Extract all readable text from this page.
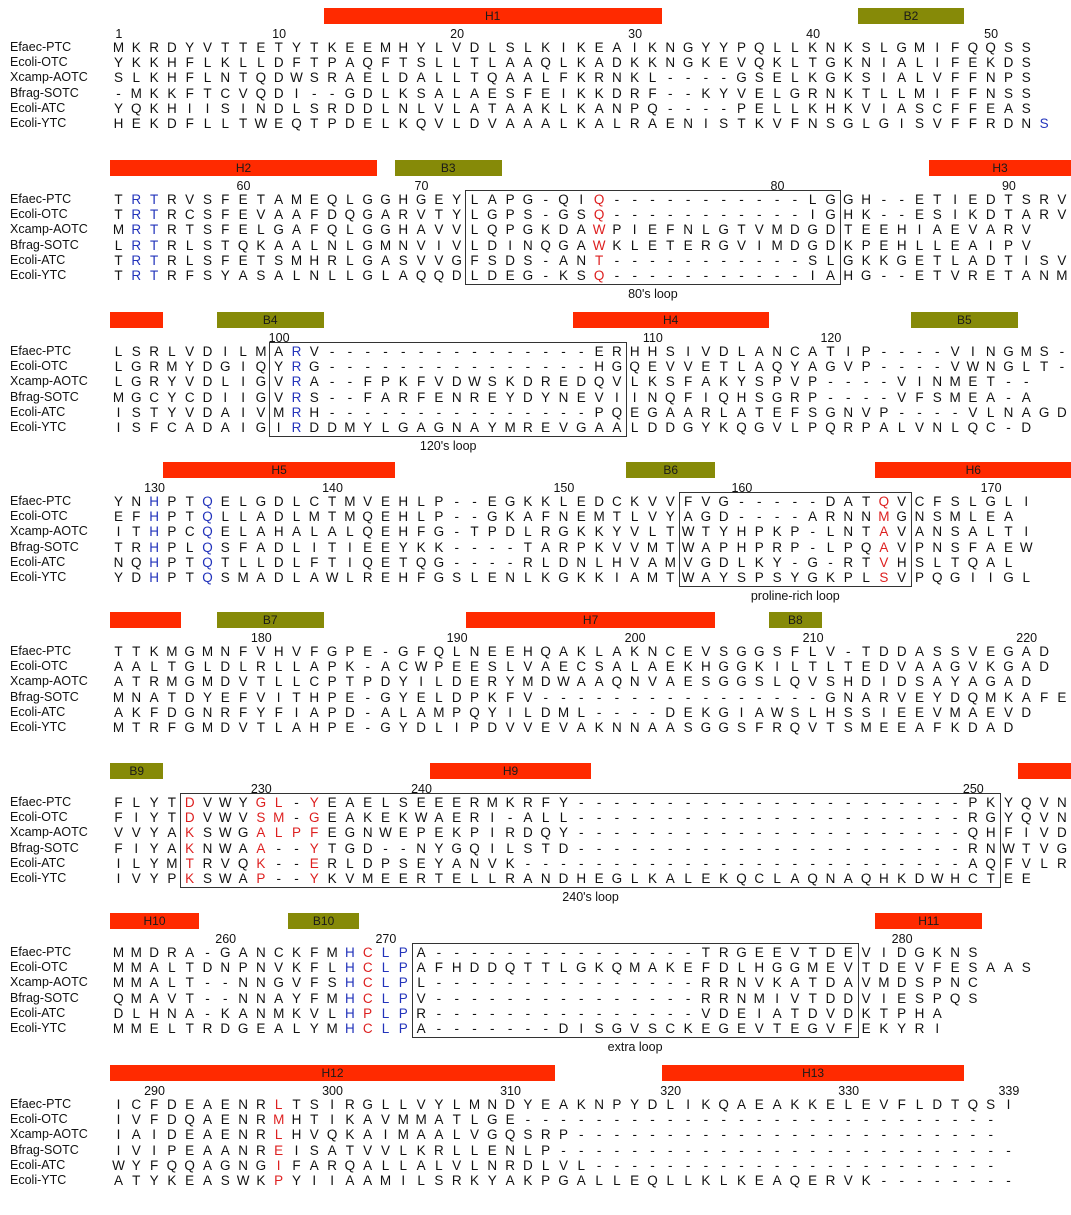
H1	B2
1	10	20	30	40	50
Efaec-PTC	M K R D Y V T T E T Y T K E E M H Y L V D L S L K I K E A I K N G Y Y P Q L L K N K S L G M I F Q Q S S
Ecoli-OTC	Y K K H F L K L L D F T P A Q F T S L L T L A A Q L K A D K K N G K E V Q K L T G K N I A L I F E K D S
Xcamp-AOTC	S L K H F L N T Q D W S R A E L D A L L T Q A A L F K R N K L - - - - G S E L K G K S I A L V F F N P S
Bfrag-SOTC	- M K K F T C V Q D I	- - G D L K S A L A E S F E I K K D R F - - K Y V E L G R N K T L L M I F F N S S
Ecoli-ATC	Y Q K H I	I S I N D L S R D D L N L V L A T A A K L K A N P Q - - - - P E L L K H K V I A S C F F E A S
Ecoli-YTC	H E K D F L L T W E Q T P D E L K Q V L D V A A A L K A L R A E N I S T K V F N S G L G I S V F F R D N S
H2	B3	H3
60	70	80	90
80's loop
Efaec-PTC	T R T R V S F E T A M E Q L G G H G E Y L A P G - Q I Q - - - - - - - - - - - L G G H - - E T I E D T S R V
Ecoli-OTC	T R T R C S F E V A A F D Q G A R V T Y L G P S - G S Q - - - - - - - - - - -	I G H K - - E S I K D T A R V
Xcamp-AOTC	M R T R T S F E L G A F Q L G G H A V V L Q P G K D A W P I E F N L G T V M D G D T E E H I A E V A R V
Bfrag-SOTC	L R T R L S T Q K A A L N L G M N V I V L D I N Q G A W K L E T E R G V I M D G D K P E H L L E A I P V
Ecoli-ATC	T R T R L S F E T S M H R L G A S V V G F S D S - A N T - - - - - - - - - - - S L G K K G E T L A D T I S V
Ecoli-YTC	T R T R F S Y A S A L N L L G L A Q Q D L D E G - K S Q - - - - - - - - - - -	I A H G - - E T V R E T A N M
B4	H4	B5
100	110	120
120's loop
Efaec-PTC	L S R L V D I L M A R V - - - - - - - - - - - - - - - E R H H S I V D L A N C A T I P - - - - V I N G M S -
Ecoli-OTC	L G R M Y D G I Q Y R G - - - - - - - - - - - - - - - H G Q E V V E T L A Q Y A G V P - - - - V W N G L T -
Xcamp-AOTC	L G R Y V D L I G V R A - - F P K F V D W S K D R E D Q V L K S F A K Y S P V P - - - - V I N M E T - -
Bfrag-SOTC	M G C Y C D I	I G V R S - - F A R F E N R E Y D Y N E V I	I N Q F I Q H S G R P - - - - V F S M E A - A
Ecoli-ATC	I S T Y V D A I V M R H - - - - - - - - - - - - - - - P Q E G A A R L A T E F S G N V P - - - - V L N A G D
Ecoli-YTC	I S F C A D A I G I R D D M Y L G A G N A Y M R E V G A A L D D G Y K Q G V L P Q R P A L V N L Q C - D
H5	B6	H6
130	140	150	160	170
proline-rich loop
Efaec-PTC	Y N H P T Q E L G D L C T M V E H L P - - E G K K L E D C K V V F V G - - - - - D A T Q V C F S L G L I
Ecoli-OTC	E F H P T Q L L A D L M T M Q E H L P - - G K A F N E M T L V Y A G D - - - - A R N N M G N S M L E A
Xcamp-AOTC	I T H P C Q E L A H A L A L Q E H F G - T P D L R G K K Y V L T W T Y H P K P - L N T A V A N S A L T I
Bfrag-SOTC	T R H P L Q S F A D L I T I E E Y K K - - - - T A R P K V V M T W A P H P R P - L P Q A V P N S F A E W
Ecoli-ATC	N Q H P T Q T L L D L F T I Q E T Q G - - - - R L D N L H V A M V G D L K Y - G - R T V H S L T Q A L
Ecoli-YTC	Y D H P T Q S M A D L A W L R E H F G S L E N L K G K K I A M T W A Y S P S Y G K P L S V P Q G I	I G L
B7	H7	B8
180	190	200	210	220
Efaec-PTC	T T K M G M N F V H V F G P E - G F Q L N E E H Q A K L A K N C E V S G G S F L V - T D D A S S V E G A D
Ecoli-OTC	A A L T G L D L R L L A P K - A C W P E E S L V A E C S A L A E K H G G K I L T L T E D V A A G V K G A D
Xcamp-AOTC	A T R M G M D V T L L C P T P D Y I L D E R Y M D W A A Q N V A E S G G S L Q V S H D I D S A Y A G A D
Bfrag-SOTC	M N A T D Y E F V I T H P E - G Y E L D P K F V - - - - - - - - - - - - - - - - G N A R V E Y D Q M K A F E
Ecoli-ATC	A K F D G N R F Y F I A P D - A L A M P Q Y I L D M L - - - - D E K G I A W S L H S S I E E V M A E V D
Ecoli-YTC	M T R F G M D V T L A H P E - G Y D L I P D V V E V A K N N A A S G G S F R Q V T S M E E A F K D A D
B9	H9
230	240	250
240's loop
Efaec-PTC	F L Y T D V W Y G L - Y E A E L S E E E R M K R F Y - - - - - - - - - - - - - - - - - - - - - - P K Y Q V N
Ecoli-OTC	F I Y T D V W V S M - G E A K E K W A E R I	- A L L - - - - - - - - - - - - - - - - - - - - - - R G Y Q V N
Xcamp-AOTC	V V Y A K S W G A L P F E G N W E P E K P I R D Q Y - - - - - - - - - - - - - - - - - - - - - - Q H F I V D
Bfrag-SOTC	F I Y A K N W A A - - Y T G D - - N Y G Q I L S T D - - - - - - - - - - - - - - - - - - - - - - R N W T V G
Ecoli-ATC	I L Y M T R V Q K - - E R L D P S E Y A N V K - - - - - - - - - - - - - - - - - - - - - - - - - A Q F V L R
Ecoli-YTC	I V Y P K S W A P - - Y K V M E E R T E L L R A N D H E G L K A L E K Q C L A Q N A Q H K D W H C T E E
H10	B10	H11
260	270	280
extra loop
Efaec-PTC	M M D R A - G A N C K F M H C L P A - - - - - - - - - - - - - - - T R G E E V T D E V I D G K N S
Ecoli-OTC	M M A L T D N P N V K F L H C L P A F H D D Q T T L G K Q M A K E F D L H G G M E V T D E V F E S A A S
Xcamp-AOTC	M M A L T - - N N G V F S H C L P L - - - - - - - - - - - - - - - R R N V K A T D A V M D S P N C
Bfrag-SOTC	Q M A V T - - N N A Y F M H C L P V - - - - - - - - - - - - - - - R R N M I V T D D V I E S P Q S
Ecoli-ATC	D L H N A - K A N M K V L H P L P R - - - - - - - - - - - - - - - V D E I A T D V D K T P H A
Ecoli-YTC	M M E L T R D G E A L Y M H C L P A - - - - - - - D I S G V S C K E G E V T E G V F E K Y R I
H12	H13
290	300	310	320	330	339
Efaec-PTC	I C F D E A E N R L T S I R G L L V Y L M N D Y E A K N P Y D L I K Q A E A K K E L E V F L D T Q S I
Ecoli-OTC	I V F D Q A E N R M H T I K A V M M A T L G E - - - - - - - - - - - - - - - - - - - - - - - - - - -
Xcamp-AOTC	I A I D E A E N R L H V Q K A I M A A L V G Q S R P - - - - - - - - - - - - - - - - - - - - - - - -
Bfrag-SOTC	I V I P E A A N R E I S A T V V L K R L L E N L P - - - - - - - - - - - - - - - - - - - - - - - - - -
Ecoli-ATC	W Y F Q Q A G N G I F A R Q A L L A L V L N R D L V L - - - - - - - - - - - - - - - - - - - - - - -
Ecoli-YTC	A T Y K E A S W K P Y I	I A A M I L S R K Y A K P G A L L E Q L L K L K E A Q E R V K - - - - - - - -
